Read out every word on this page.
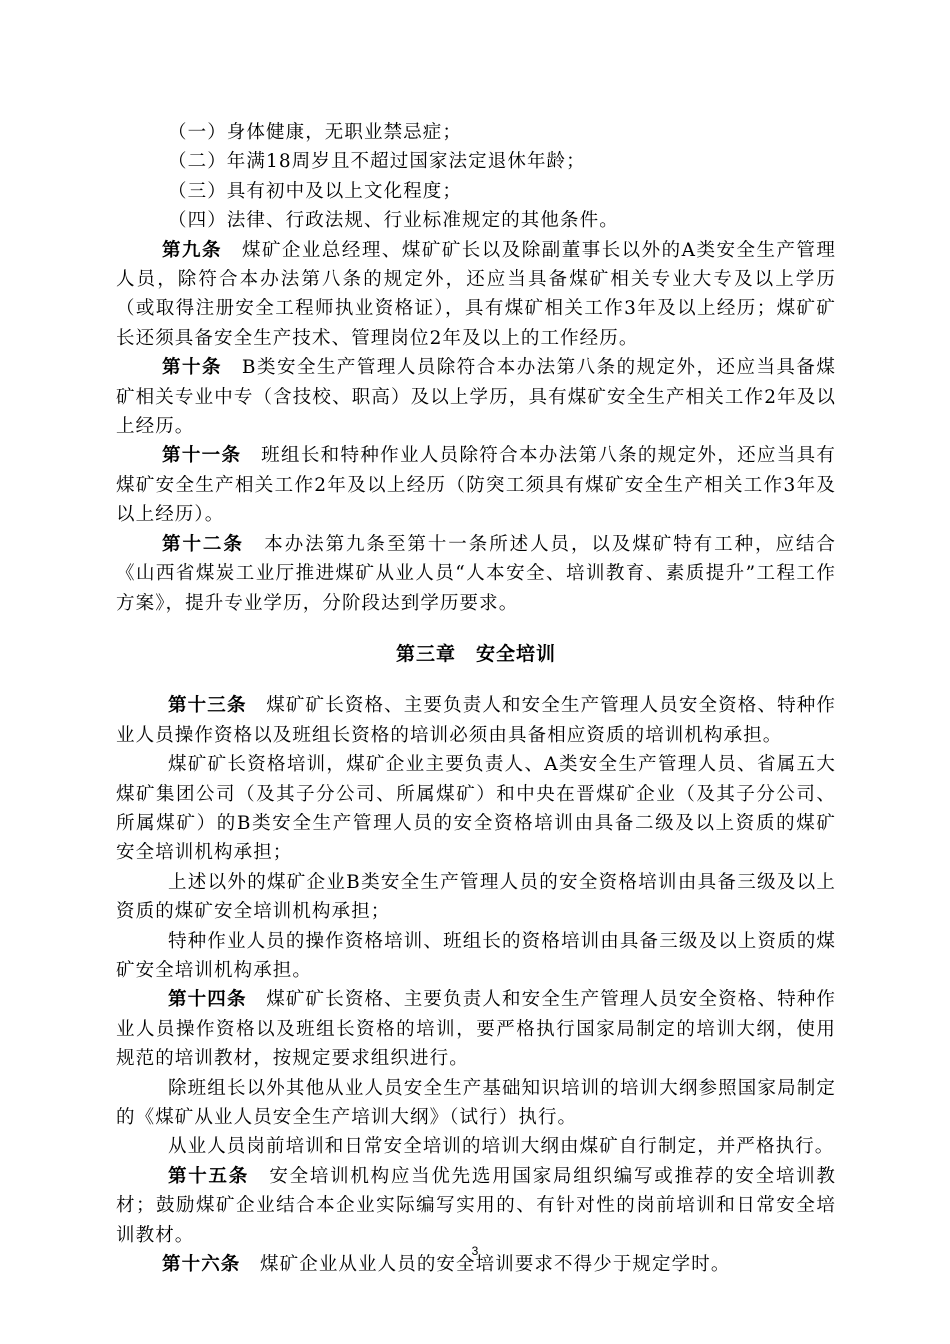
（一）身体健康，无职业禁忌症；

（二）年满18周岁且不超过国家法定退休年龄；

（三）具有初中及以上文化程度；

（四）法律、行政法规、行业标准规定的其他条件。

第九条　 煤矿企业总经理、煤矿矿长以及除副董事长以外的A类安全生产管理人员，除符合本办法第八条的规定外，还应当具备煤矿相关专业大专及以上学历（或取得注册安全工程师执业资格证），具有煤矿相关工作3年及以上经历；煤矿矿长还须具备安全生产技术、管理岗位2年及以上的工作经历。

第十条　 B类安全生产管理人员除符合本办法第八条的规定外，还应当具备煤矿相关专业中专（含技校、职高）及以上学历，具有煤矿安全生产相关工作2年及以上经历。

第十一条　 班组长和特种作业人员除符合本办法第八条的规定外，还应当具有煤矿安全生产相关工作2年及以上经历（防突工须具有煤矿安全生产相关工作3年及以上经历）。

第十二条　 本办法第九条至第十一条所述人员，以及煤矿特有工种，应结合《山西省煤炭工业厅推进煤矿从业人员“人本安全、培训教育、素质提升”工程工作方案》，提升专业学历，分阶段达到学历要求。

第三章　安全培训

第十三条　 煤矿矿长资格、主要负责人和安全生产管理人员安全资格、特种作业人员操作资格以及班组长资格的培训必须由具备相应资质的培训机构承担。

煤矿矿长资格培训，煤矿企业主要负责人、A类安全生产管理人员、省属五大煤矿集团公司（及其子分公司、所属煤矿）和中央在晋煤矿企业（及其子分公司、所属煤矿）的B类安全生产管理人员的安全资格培训由具备二级及以上资质的煤矿安全培训机构承担；

上述以外的煤矿企业B类安全生产管理人员的安全资格培训由具备三级及以上资质的煤矿安全培训机构承担；

特种作业人员的操作资格培训、班组长的资格培训由具备三级及以上资质的煤矿安全培训机构承担。

第十四条　 煤矿矿长资格、主要负责人和安全生产管理人员安全资格、特种作业人员操作资格以及班组长资格的培训，要严格执行国家局制定的培训大纲，使用规范的培训教材，按规定要求组织进行。

除班组长以外其他从业人员安全生产基础知识培训的培训大纲参照国家局制定的《煤矿从业人员安全生产培训大纲》（试行）执行。

从业人员岗前培训和日常安全培训的培训大纲由煤矿自行制定，并严格执行。

第十五条　 安全培训机构应当优先选用国家局组织编写或推荐的安全培训教材；鼓励煤矿企业结合本企业实际编写实用的、有针对性的岗前培训和日常安全培训教材。

第十六条　 煤矿企业从业人员的安全培训要求不得少于规定学时。

3
